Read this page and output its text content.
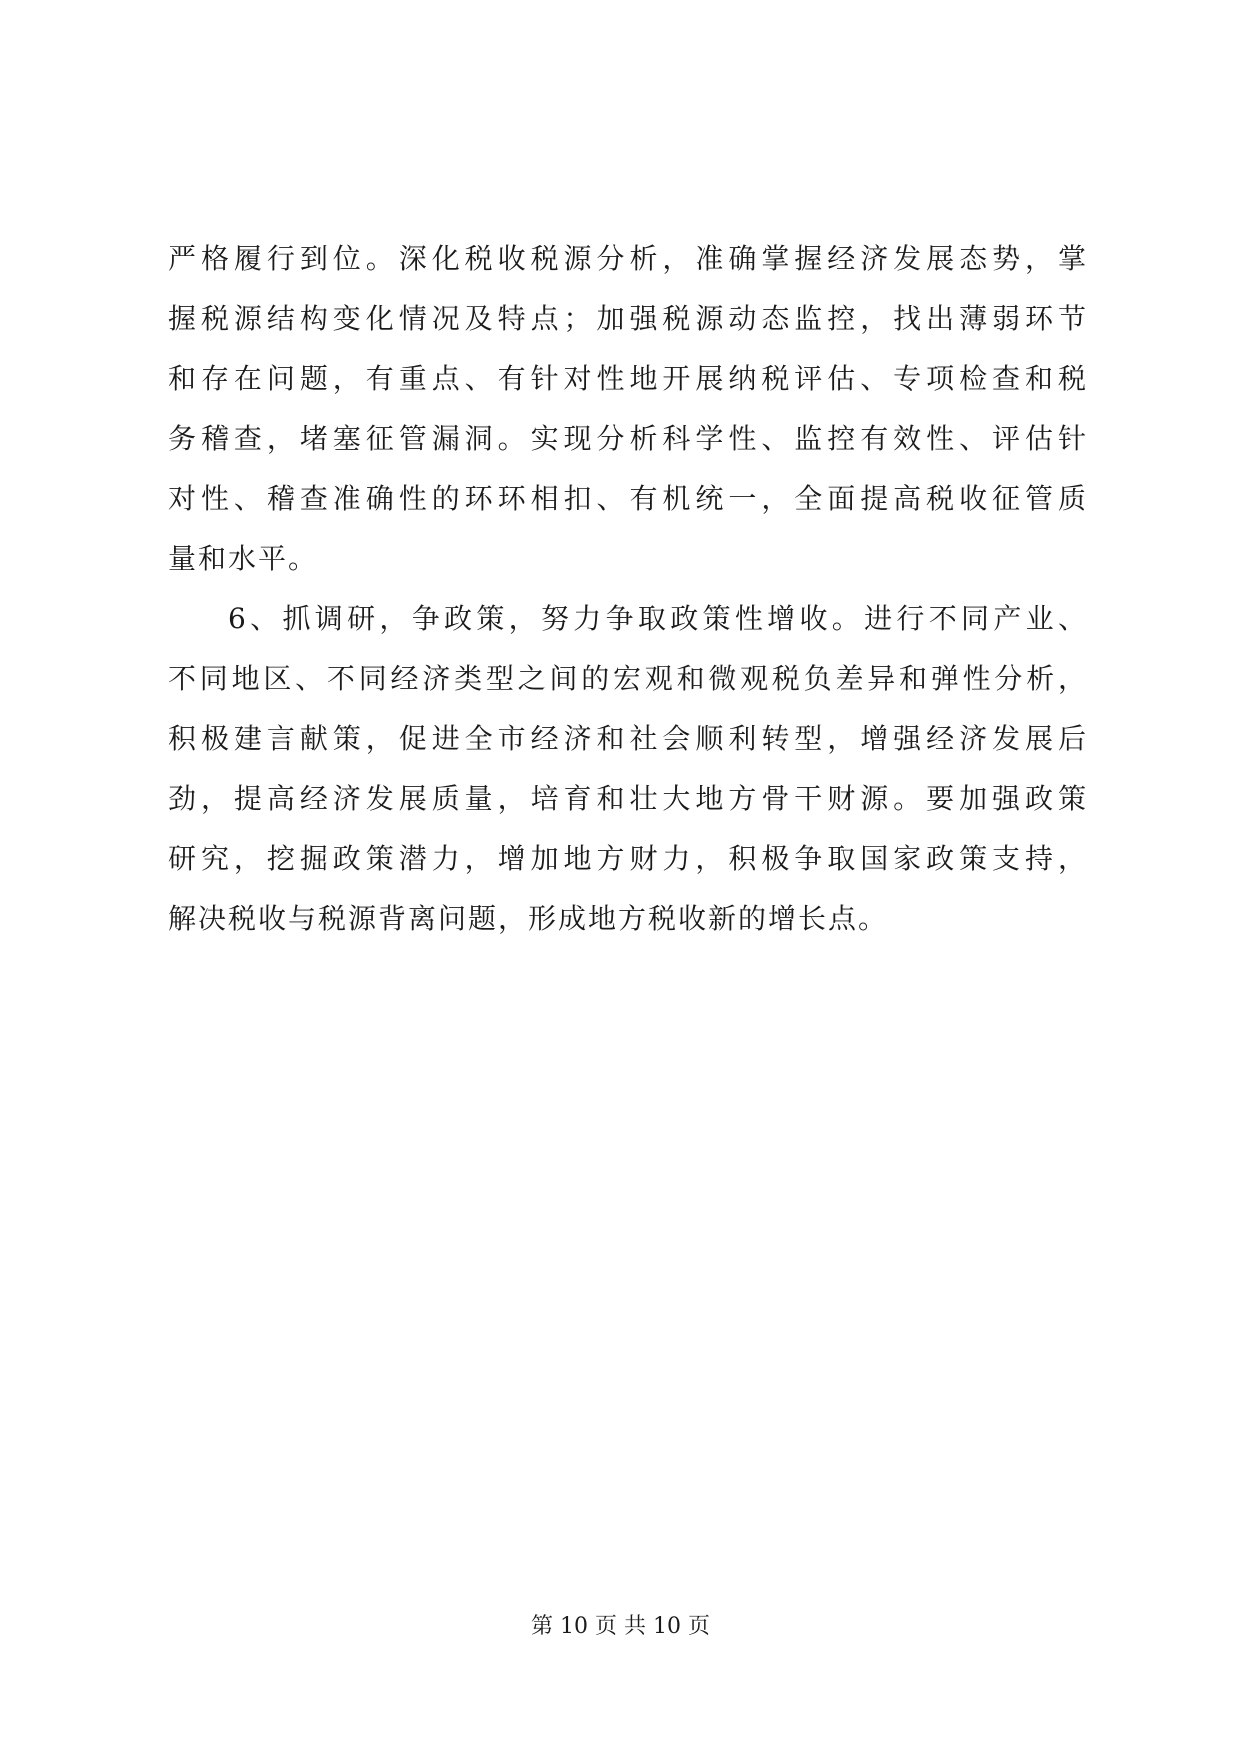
严格履行到位。深化税收税源分析，准确掌握经济发展态势，掌
握税源结构变化情况及特点；加强税源动态监控，找出薄弱环节
和存在问题，有重点、有针对性地开展纳税评估、专项检查和税
务稽查，堵塞征管漏洞。实现分析科学性、监控有效性、评估针
对性、稽查准确性的环环相扣、有机统一，全面提高税收征管质
量和水平。
6、抓调研，争政策，努力争取政策性增收。进行不同产业、
不同地区、不同经济类型之间的宏观和微观税负差异和弹性分析，
积极建言献策，促进全市经济和社会顺利转型，增强经济发展后
劲，提高经济发展质量，培育和壮大地方骨干财源。要加强政策
研究，挖掘政策潜力，增加地方财力，积极争取国家政策支持，
解决税收与税源背离问题，形成地方税收新的增长点。
第 10 页 共 10 页
